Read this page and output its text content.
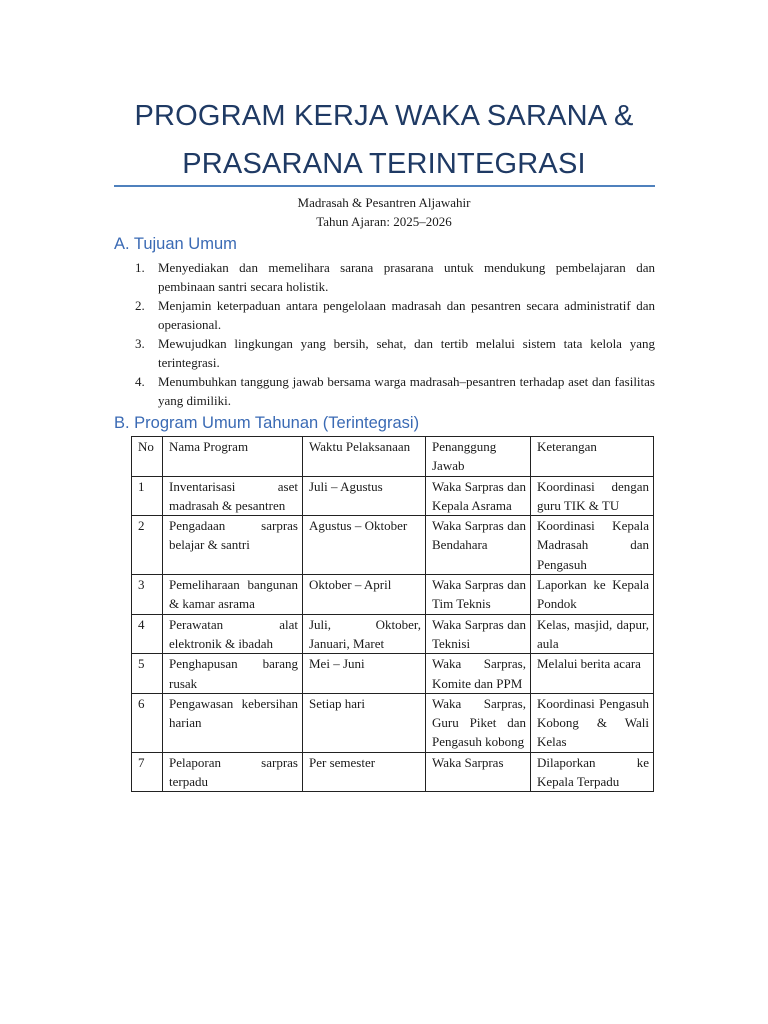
PROGRAM KERJA WAKA SARANA &
PRASARANA TERINTEGRASI
Madrasah & Pesantren Aljawahir
Tahun Ajaran: 2025–2026
A. Tujuan Umum
1. Menyediakan dan memelihara sarana prasarana untuk mendukung pembelajaran dan pembinaan santri secara holistik.
2. Menjamin keterpaduan antara pengelolaan madrasah dan pesantren secara administratif dan operasional.
3. Mewujudkan lingkungan yang bersih, sehat, dan tertib melalui sistem tata kelola yang terintegrasi.
4. Menumbuhkan tanggung jawab bersama warga madrasah–pesantren terhadap aset dan fasilitas yang dimiliki.
B. Program Umum Tahunan (Terintegrasi)
No	Nama Program	Waktu Pelaksanaan	Penanggung Jawab	Keterangan
1	Inventarisasi aset madrasah & pesantren	Juli – Agustus	Waka Sarpras dan Kepala Asrama	Koordinasi dengan guru TIK & TU
2	Pengadaan sarpras belajar & santri	Agustus – Oktober	Waka Sarpras dan Bendahara	Koordinasi Kepala Madrasah dan Pengasuh
3	Pemeliharaan bangunan & kamar asrama	Oktober – April	Waka Sarpras dan Tim Teknis	Laporkan ke Kepala Pondok
4	Perawatan alat elektronik & ibadah	Juli, Oktober, Januari, Maret	Waka Sarpras dan Teknisi	Kelas, masjid, dapur, aula
5	Penghapusan barang rusak	Mei – Juni	Waka Sarpras, Komite dan PPM	Melalui berita acara
6	Pengawasan kebersihan harian	Setiap hari	Waka Sarpras, Guru Piket dan Pengasuh kobong	Koordinasi Pengasuh Kobong & Wali Kelas
7	Pelaporan sarpras terpadu	Per semester	Waka Sarpras	Dilaporkan ke Kepala Terpadu
